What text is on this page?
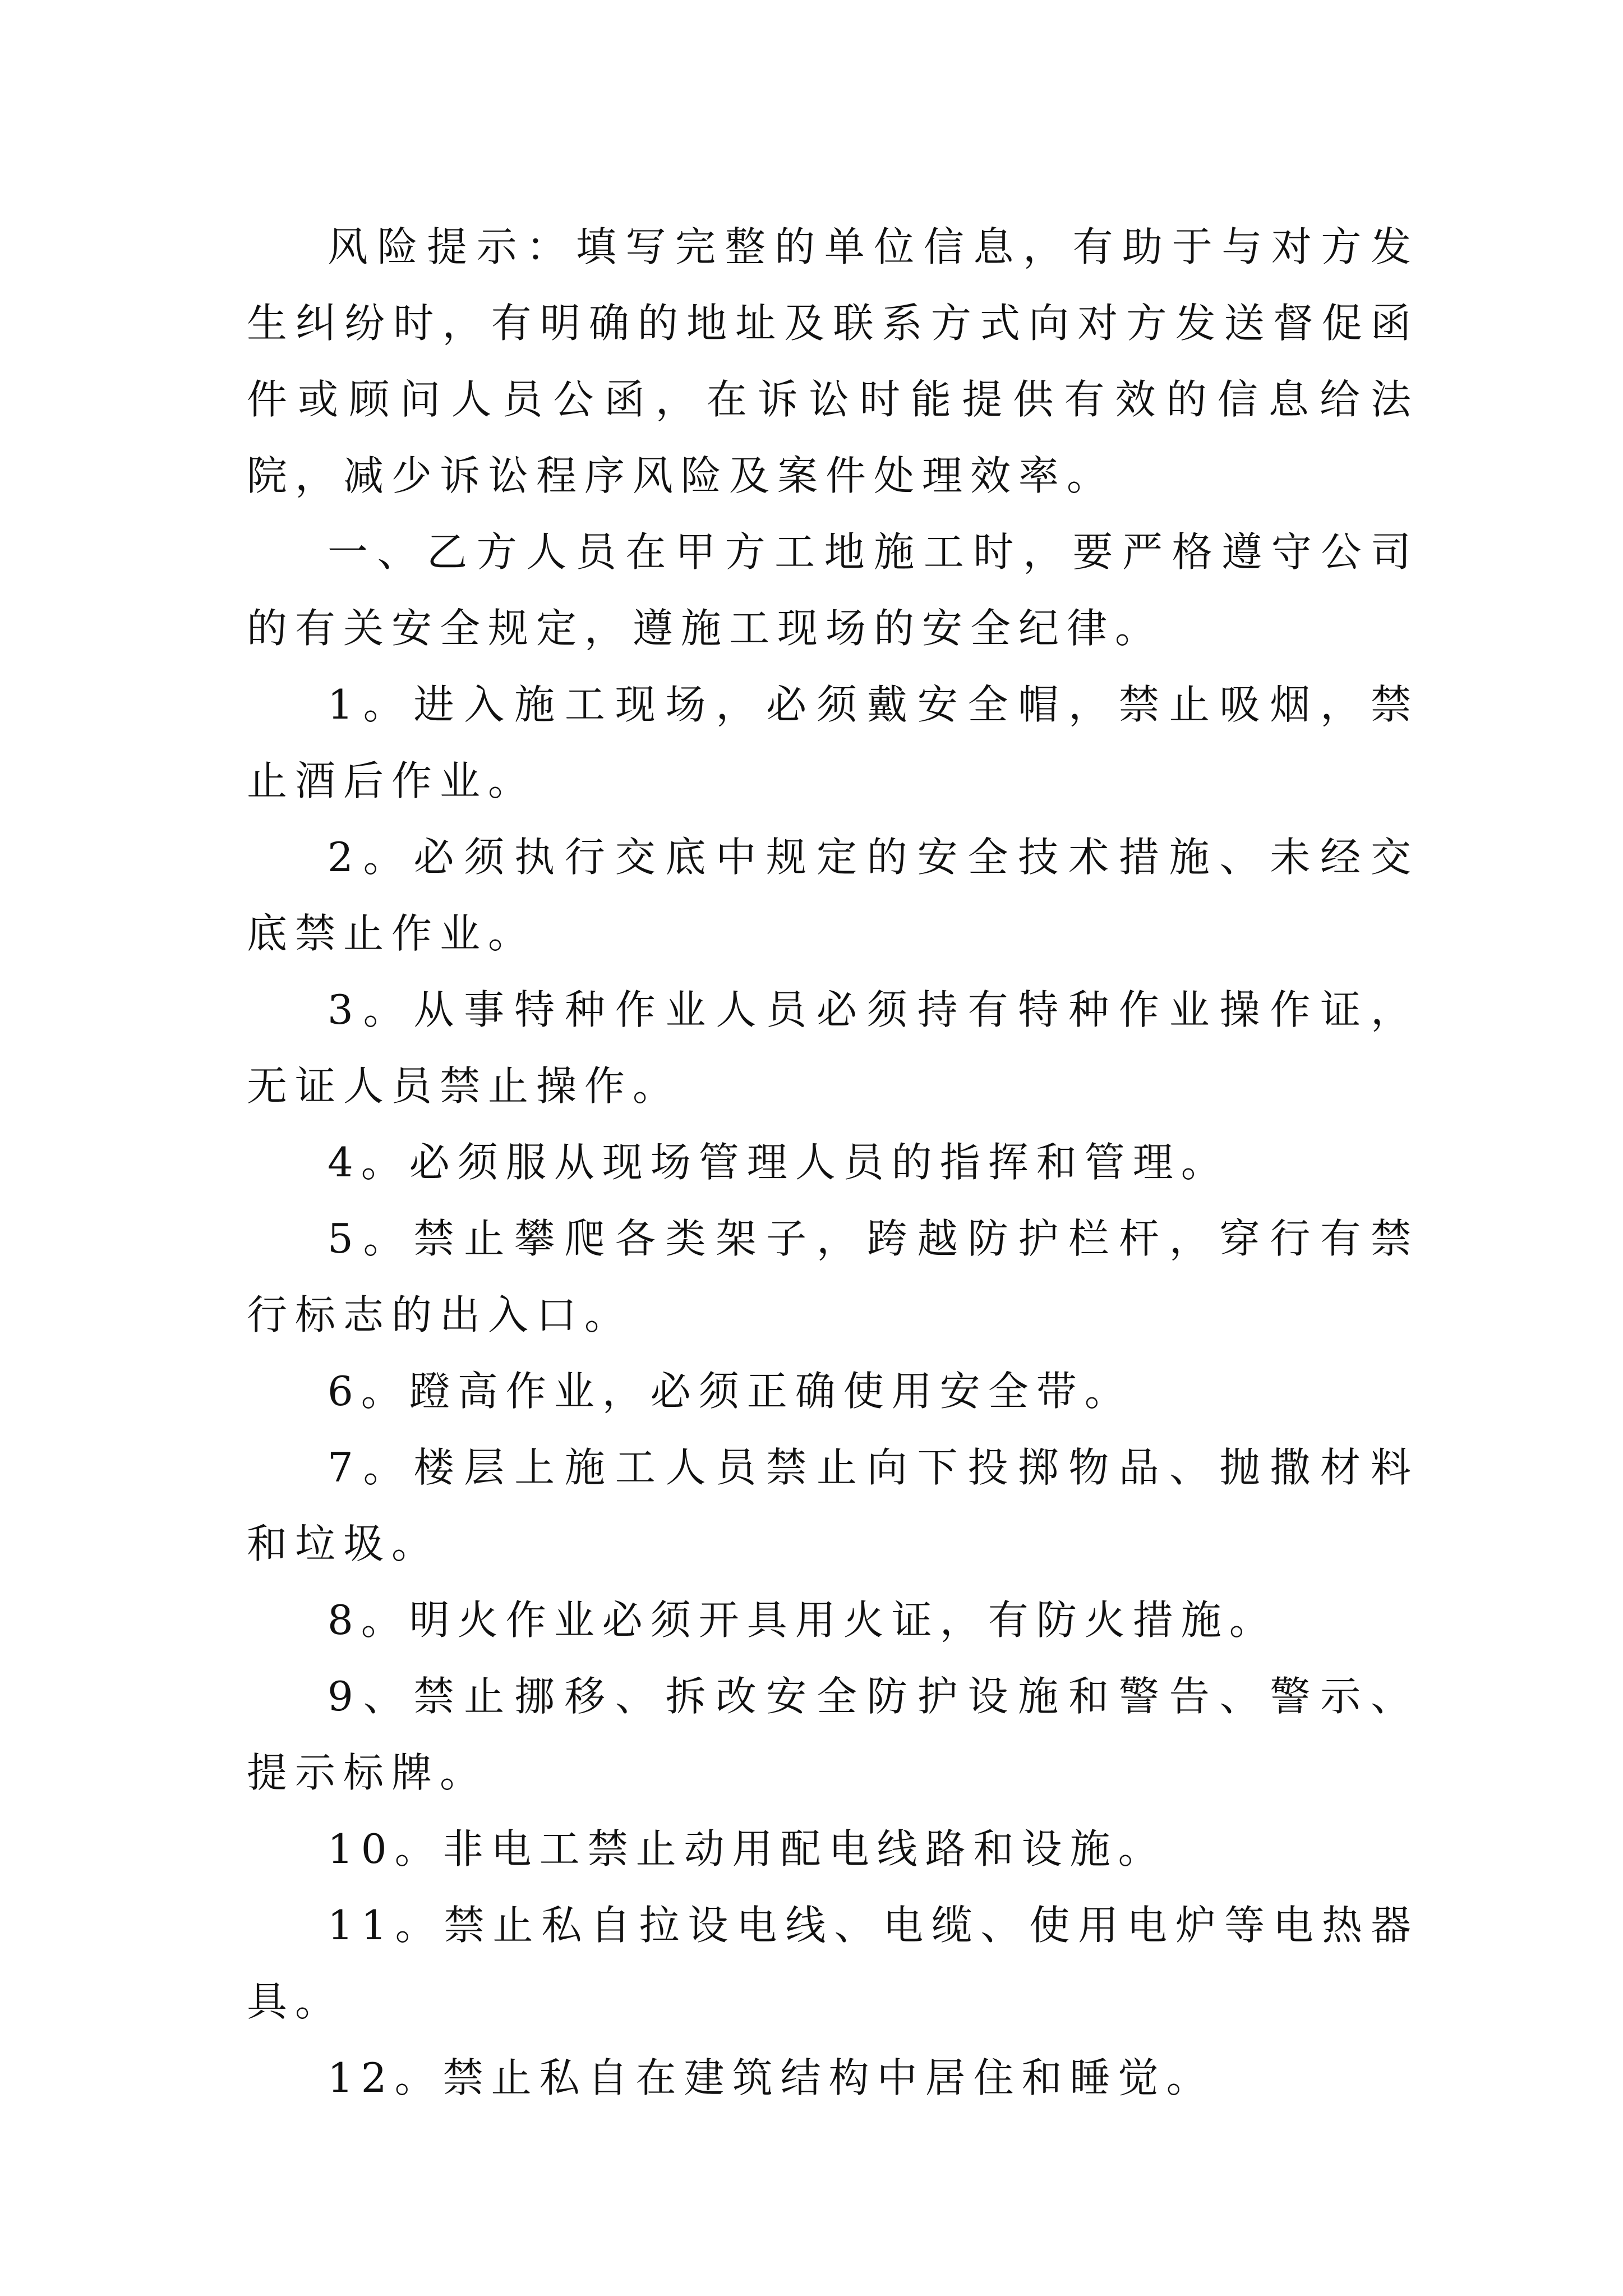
风险提示：填写完整的单位信息，有助于与对方发生纠纷时，有明确的地址及联系方式向对方发送督促函件或顾问人员公函，在诉讼时能提供有效的信息给法院，减少诉讼程序风险及案件处理效率。

一、乙方人员在甲方工地施工时，要严格遵守公司的有关安全规定，遵施工现场的安全纪律。

1。进入施工现场，必须戴安全帽，禁止吸烟，禁止酒后作业。

2。必须执行交底中规定的安全技术措施、未经交底禁止作业。

3。从事特种作业人员必须持有特种作业操作证，无证人员禁止操作。

4。必须服从现场管理人员的指挥和管理。

5。禁止攀爬各类架子，跨越防护栏杆，穿行有禁行标志的出入口。

6。蹬高作业，必须正确使用安全带。

7。楼层上施工人员禁止向下投掷物品、抛撒材料和垃圾。

8。明火作业必须开具用火证，有防火措施。

9、禁止挪移、拆改安全防护设施和警告、警示、提示标牌。

10。非电工禁止动用配电线路和设施。

11。禁止私自拉设电线、电缆、使用电炉等电热器具。

12。禁止私自在建筑结构中居住和睡觉。
